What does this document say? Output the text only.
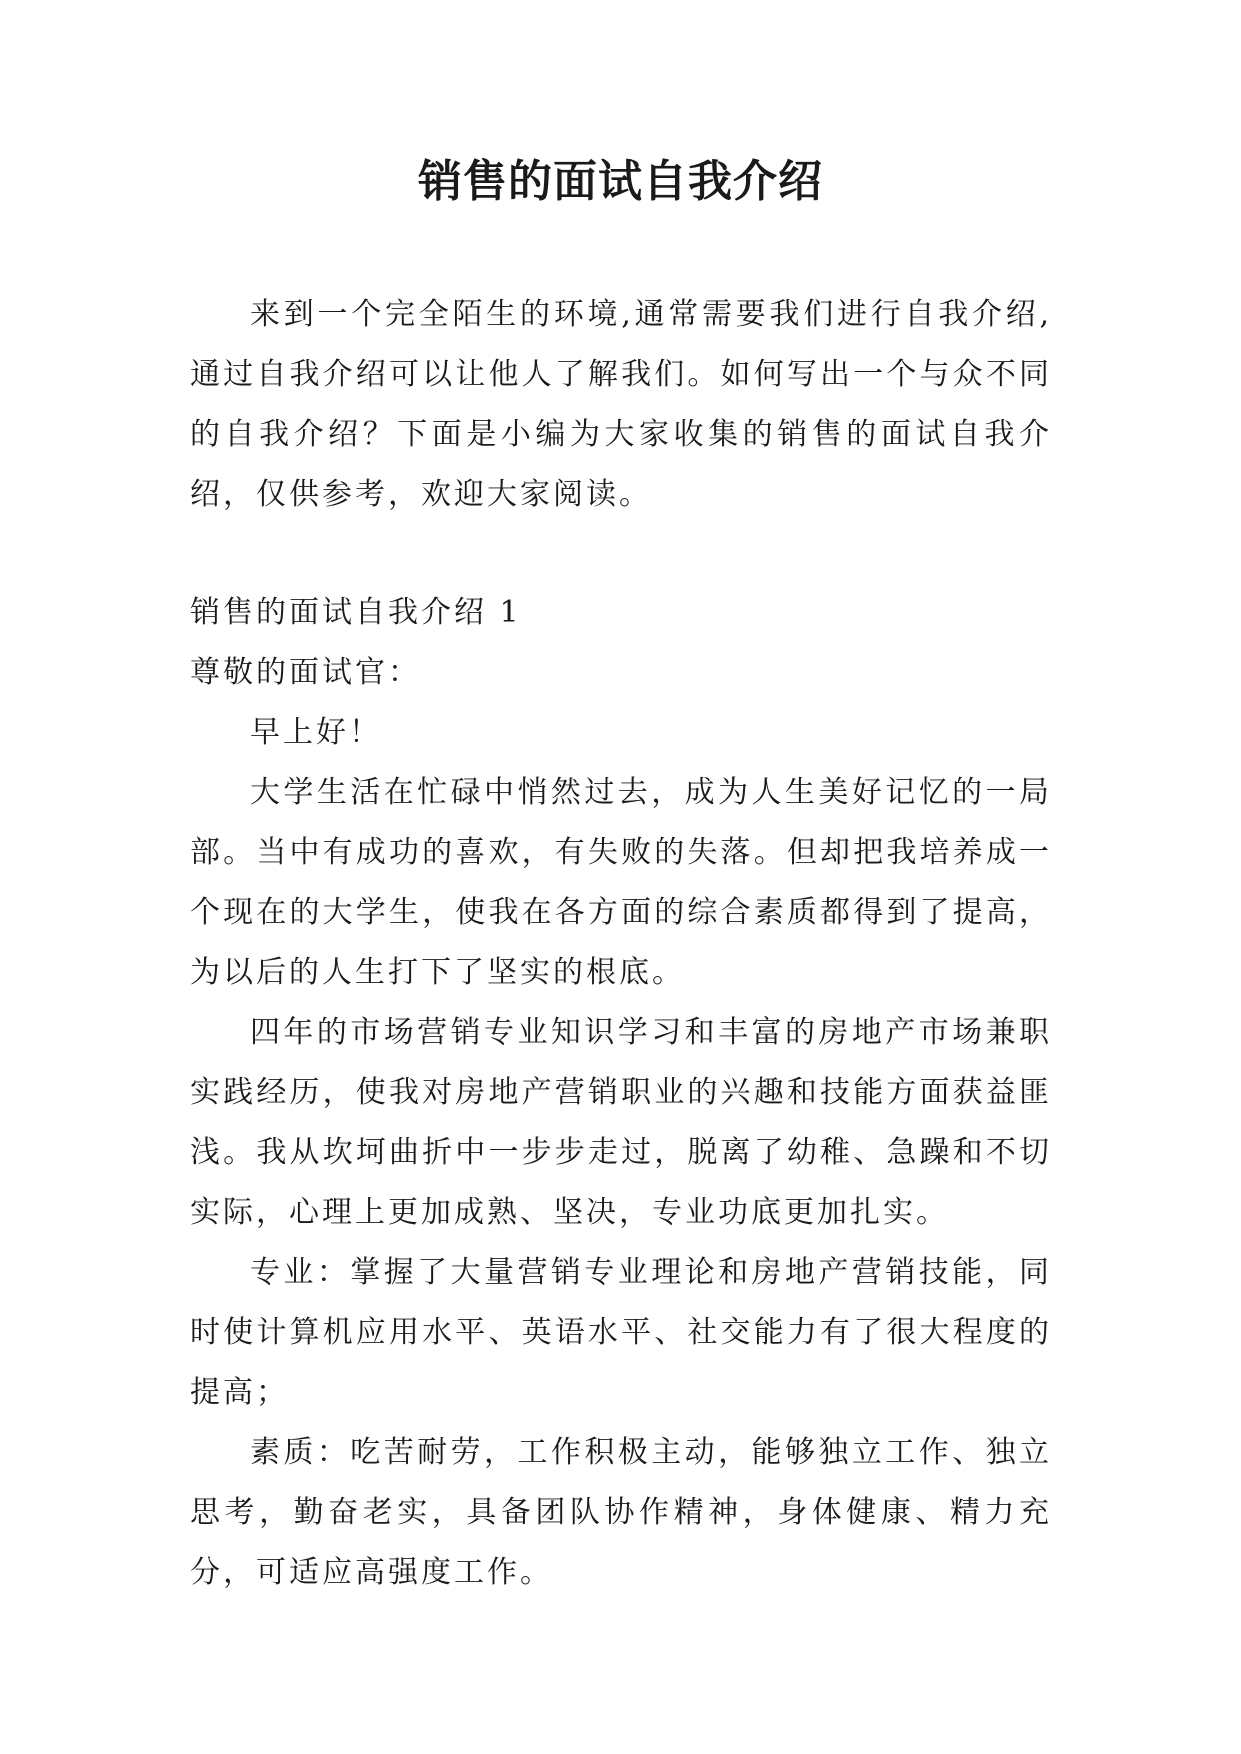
销售的面试自我介绍

来到一个完全陌生的环境,通常需要我们进行自我介绍,通过自我介绍可以让他人了解我们。如何写出一个与众不同的自我介绍？下面是小编为大家收集的销售的面试自我介绍，仅供参考，欢迎大家阅读。

销售的面试自我介绍 1

尊敬的面试官：

早上好！

大学生活在忙碌中悄然过去，成为人生美好记忆的一局部。当中有成功的喜欢，有失败的失落。但却把我培养成一个现在的大学生，使我在各方面的综合素质都得到了提高，为以后的人生打下了坚实的根底。

四年的市场营销专业知识学习和丰富的房地产市场兼职实践经历，使我对房地产营销职业的兴趣和技能方面获益匪浅。我从坎坷曲折中一步步走过，脱离了幼稚、急躁和不切实际，心理上更加成熟、坚决，专业功底更加扎实。

专业：掌握了大量营销专业理论和房地产营销技能，同时使计算机应用水平、英语水平、社交能力有了很大程度的提高；

素质：吃苦耐劳，工作积极主动，能够独立工作、独立思考，勤奋老实，具备团队协作精神，身体健康、精力充分，可适应高强度工作。
